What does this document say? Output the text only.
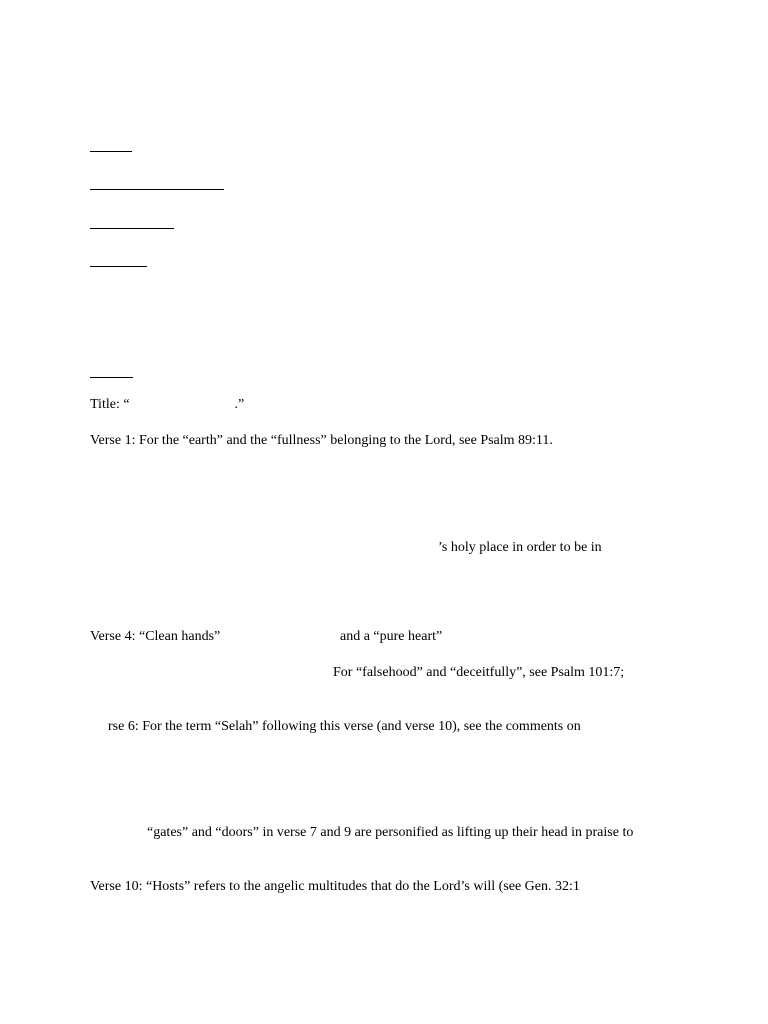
Title: “                              .”
Verse 1: For the “earth” and the “fullness” belonging to the Lord, see Psalm 89:11.
’s holy place in order to be in
Verse 4: “Clean hands”	and a “pure heart”
For “falsehood” and “deceitfully”, see Psalm 101:7;
rse 6: For the term “Selah” following this verse (and verse 10), see the comments on
“gates” and “doors” in verse 7 and 9 are personified as lifting up their head in praise to
Verse 10: “Hosts” refers to the angelic multitudes that do the Lord’s will (see Gen. 32:1
